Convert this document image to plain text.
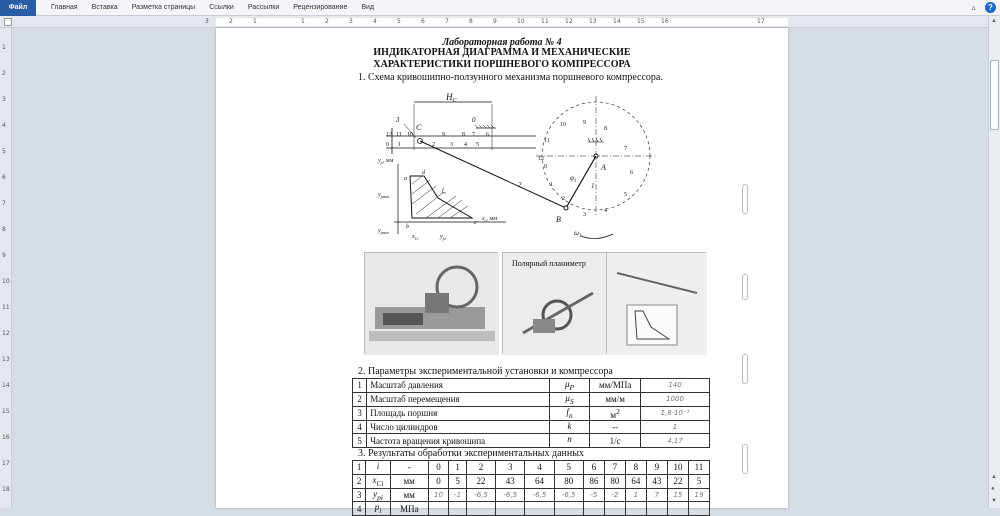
Файл	Главная	Вставка	Разметка страницы	Ссылки	Рассылки	Рецензирование	Вид	▵	?
3	2	1	1	2	3	4	5	6	7	8	9	10	11	12	13	14	15	16	17
1
2
3
4
5
6
7
8
9
10
11
12
13
14
15
16
17
18
▲
▲
●
▼
Лабораторная работа № 4
ИНДИКАТОРНАЯ ДИАГРАММА И МЕХАНИЧЕСКИЕ
ХАРАКТЕРИСТИКИ ПОРШНЕВОГО КОМПРЕССОРА
1. Схема кривошипно-ползунного механизма поршневого компрессора.
$H_C$
3	0
12 11 10	9	8 7 6
0 1	2	3 4 5
C
2
A
B
1
$\varphi_1$
$\omega_1$
9
8
7
6
5
4
3
2
1
0
12
11
10
$y_p$, мм
$x_c$, мм
a
b
c
d
$y_{pmax}$
$y_{pmin}$
$x_{Ci}$	$y_{pi}$
$f_п$
Полярный планиметр
2. Параметры экспериментальной установки и компрессора
1	Масштаб давления	$\mu_P$	мм/МПа	140
2	Масштаб перемещения	$\mu_S$	мм/м	1000
3	Площадь поршня	$f_п$	$м^2$	1,8·10⁻³
4	Число цилиндров	k	--	1
5	Частота вращения кривошипа	n	1/с	4,17
3. Результаты обработки экспериментальных данных
1	i	-	0	1	2	3	4	5	6	7	8	9	10	11
2	$x_{Ci}$	мм	0	5	22	43	64	80	86	80	64	43	22	5
3	$y_{pi}$	мм	10	-1	-6,5	-6,5	-6,5	-6,5	-5	-2	1	7	15	19
4	$p_i$	МПа												
